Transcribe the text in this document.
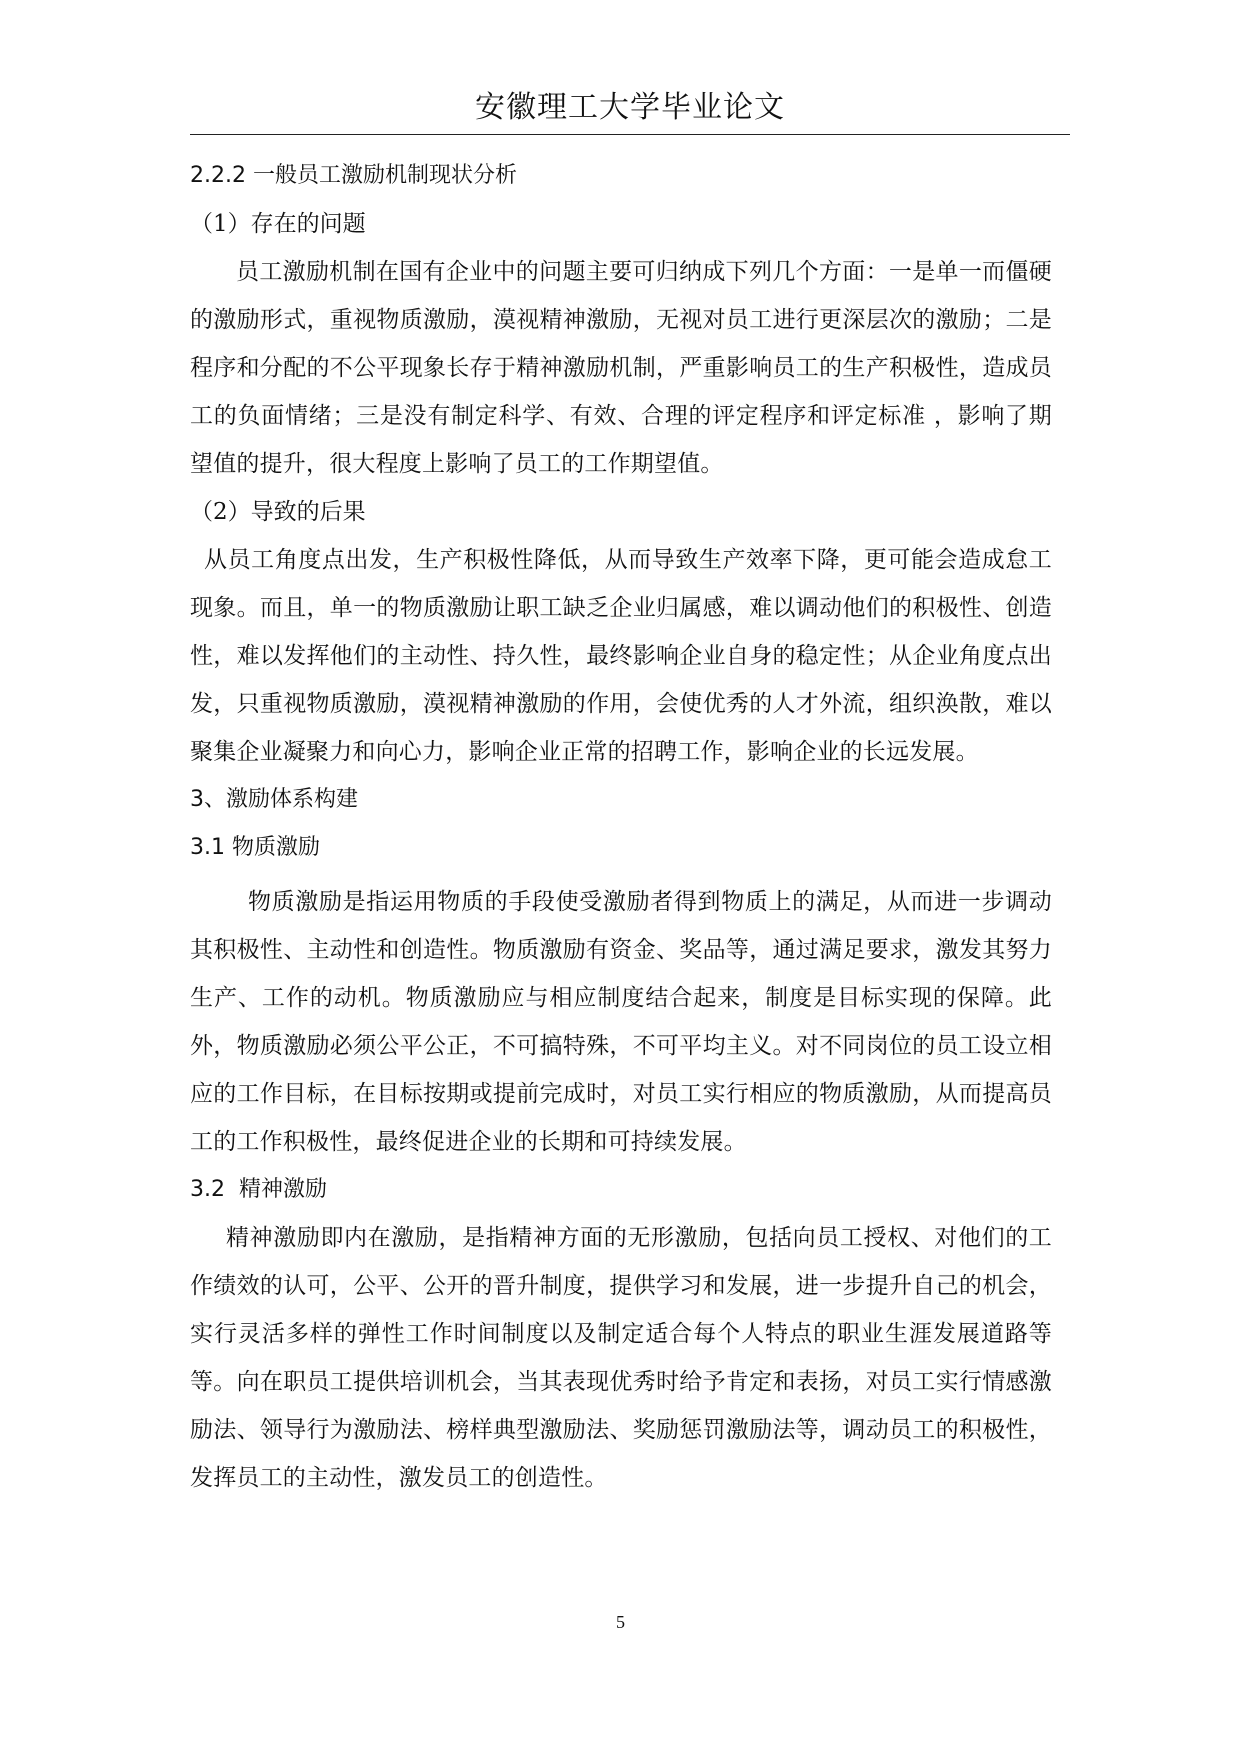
安徽理工大学毕业论文

2.2.2 一般员工激励机制现状分析

（1）存在的问题

员工激励机制在国有企业中的问题主要可归纳成下列几个方面：一是单一而僵硬的激励形式，重视物质激励，漠视精神激励，无视对员工进行更深层次的激励；二是程序和分配的不公平现象长存于精神激励机制，严重影响员工的生产积极性，造成员工的负面情绪；三是没有制定科学、有效、合理的评定程序和评定标准 ，影响了期望值的提升，很大程度上影响了员工的工作期望值。

（2）导致的后果

从员工角度点出发，生产积极性降低，从而导致生产效率下降，更可能会造成怠工现象。而且，单一的物质激励让职工缺乏企业归属感，难以调动他们的积极性、创造性，难以发挥他们的主动性、持久性，最终影响企业自身的稳定性；从企业角度点出发，只重视物质激励，漠视精神激励的作用，会使优秀的人才外流，组织涣散，难以聚集企业凝聚力和向心力，影响企业正常的招聘工作，影响企业的长远发展。

3、激励体系构建

3.1 物质激励

物质激励是指运用物质的手段使受激励者得到物质上的满足，从而进一步调动其积极性、主动性和创造性。物质激励有资金、奖品等，通过满足要求，激发其努力生产、工作的动机。物质激励应与相应制度结合起来，制度是目标实现的保障。此外，物质激励必须公平公正，不可搞特殊，不可平均主义。对不同岗位的员工设立相应的工作目标，在目标按期或提前完成时，对员工实行相应的物质激励，从而提高员工的工作积极性，最终促进企业的长期和可持续发展。

3.2  精神激励

精神激励即内在激励，是指精神方面的无形激励，包括向员工授权、对他们的工作绩效的认可，公平、公开的晋升制度，提供学习和发展，进一步提升自己的机会，实行灵活多样的弹性工作时间制度以及制定适合每个人特点的职业生涯发展道路等等。向在职员工提供培训机会，当其表现优秀时给予肯定和表扬，对员工实行情感激励法、领导行为激励法、榜样典型激励法、奖励惩罚激励法等，调动员工的积极性，发挥员工的主动性，激发员工的创造性。

5
